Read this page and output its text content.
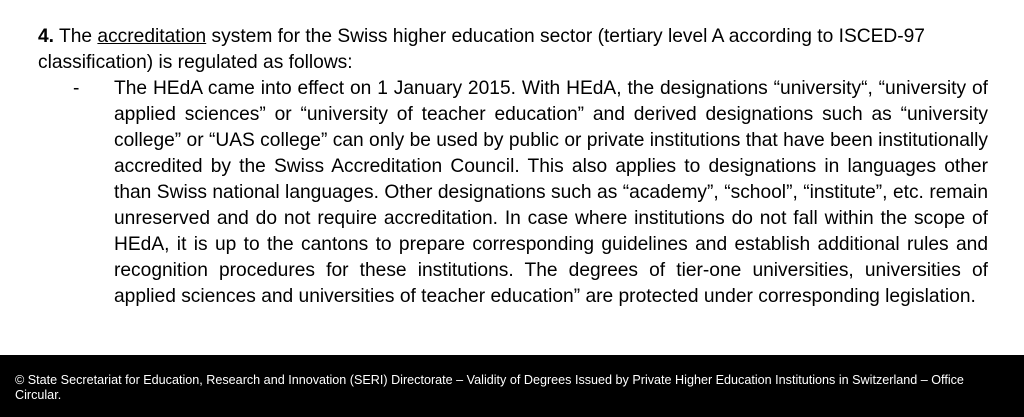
4. The accreditation system for the Swiss higher education sector (tertiary level A according to ISCED-97 classification) is regulated as follows:

- The HEdA came into effect on 1 January 2015. With HEdA, the designations “university“, “university of applied sciences” or “university of teacher education” and derived designations such as “university college” or “UAS college” can only be used by public or private institutions that have been institutionally accredited by the Swiss Accreditation Council. This also applies to designations in languages other than Swiss national languages. Other designations such as “academy”, “school”, “institute”, etc. remain unreserved and do not require accreditation. In case where institutions do not fall within the scope of HEdA, it is up to the cantons to prepare corresponding guidelines and establish additional rules and recognition procedures for these institutions. The degrees of tier-one universities, universities of applied sciences and universities of teacher education” are protected under corresponding legislation.

© State Secretariat for Education, Research and Innovation (SERI) Directorate – Validity of Degrees Issued by Private Higher Education Institutions in Switzerland – Office Circular.
